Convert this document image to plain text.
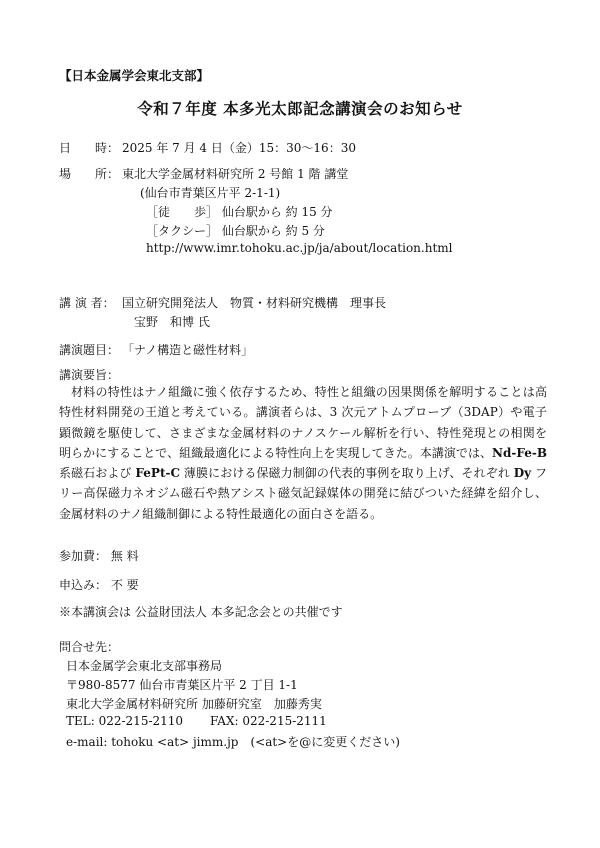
【日本金属学会東北支部】
令和７年度 本多光太郎記念講演会のお知らせ
日　　時： 2025 年 7 月 4 日（金）15：30～16：30
場　　所： 東北大学金属材料研究所 2 号館 1 階 講堂
(仙台市青葉区片平 2-1-1)
［徒　　歩］ 仙台駅から 約 15 分
［タクシー］ 仙台駅から 約 5 分
http://www.imr.tohoku.ac.jp/ja/about/location.html
講 演 者： 国立研究開発法人　物質・材料研究機構　理事長
宝野　和博 氏
講演題目： 「ナノ構造と磁性材料」
講演要旨：

材料の特性はナノ組織に強く依存するため、特性と組織の因果関係を解明することは高特性材料開発の王道と考えている。講演者らは、3 次元アトムプローブ（3DAP）や電子顕微鏡を駆使して、さまざまな金属材料のナノスケール解析を行い、特性発現との相関を明らかにすることで、組織最適化による特性向上を実現してきた。本講演では、Nd-Fe-B 系磁石および FePt-C 薄膜における保磁力制御の代表的事例を取り上げ、それぞれ Dy フリー高保磁力ネオジム磁石や熱アシスト磁気記録媒体の開発に結びついた経緯を紹介し、金属材料のナノ組織制御による特性最適化の面白さを語る。

参加費： 無 料
申込み： 不 要
※本講演会は 公益財団法人 本多記念会との共催です
問合せ先：
日本金属学会東北支部事務局
〒980-8577 仙台市青葉区片平 2 丁目 1-1
東北大学金属材料研究所 加藤研究室　加藤秀実
TEL: 022-215-2110 FAX: 022-215-2111
e-mail: tohoku <at> jimm.jp　(<at>を@に変更ください)
